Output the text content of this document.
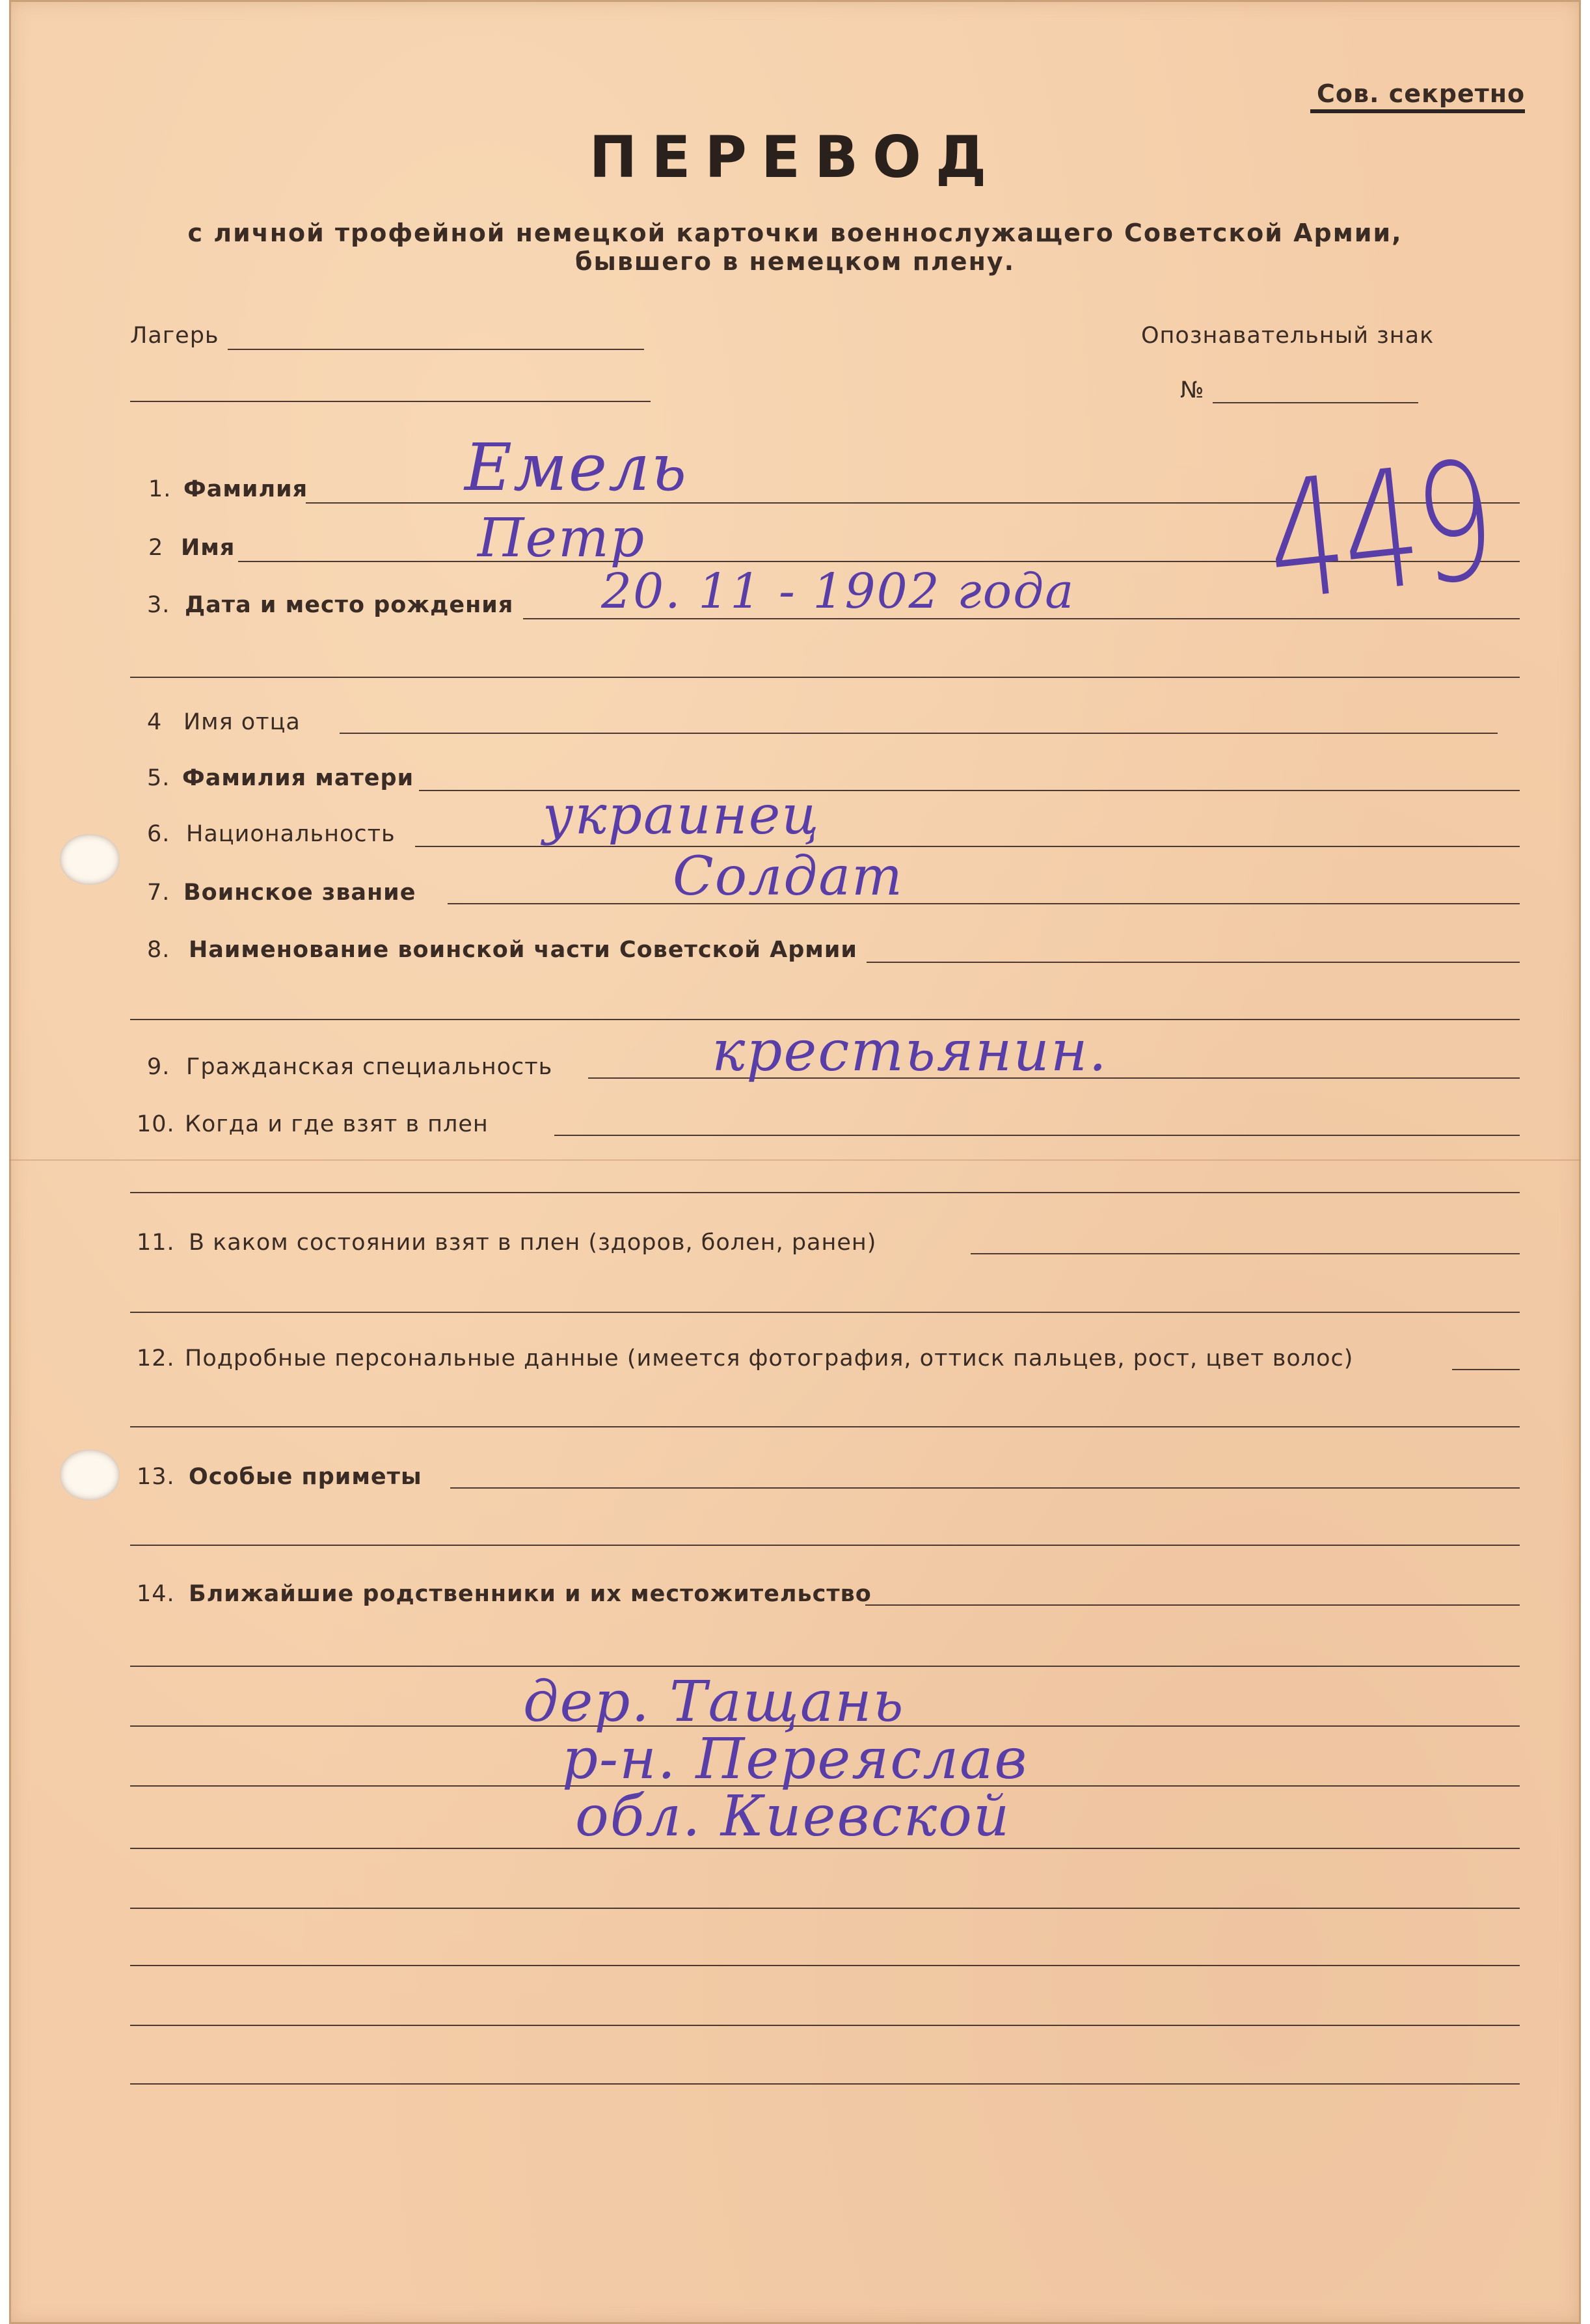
Сов. секретно
ПЕРЕВОД
с личной трофейной немецкой карточки военнослужащего Советской Армии,
бывшего в немецком плену.
Лагерь	Опознавательный знак
№
1. Фамилия Емель
2 Имя	Петр
3. Дата и место рождения 20. 11 - 1902 года
4 Имя отца
5. Фамилия матери
6. Национальность	украинец
7. Воинское звание	Солдат
8. Наименование воинской части Советской Армии
9. Гражданская специальность	крестьянин.
10. Когда и где взят в плен
11. В каком состоянии взят в плен (здоров, болен, ранен)
12. Подробные персональные данные (имеется фотография, оттиск пальцев, рост, цвет волос)
13. Особые приметы
14. Ближайшие родственники и их местожительство
дер. Тащань
р-н. Переяслав
обл. Киевской
449
